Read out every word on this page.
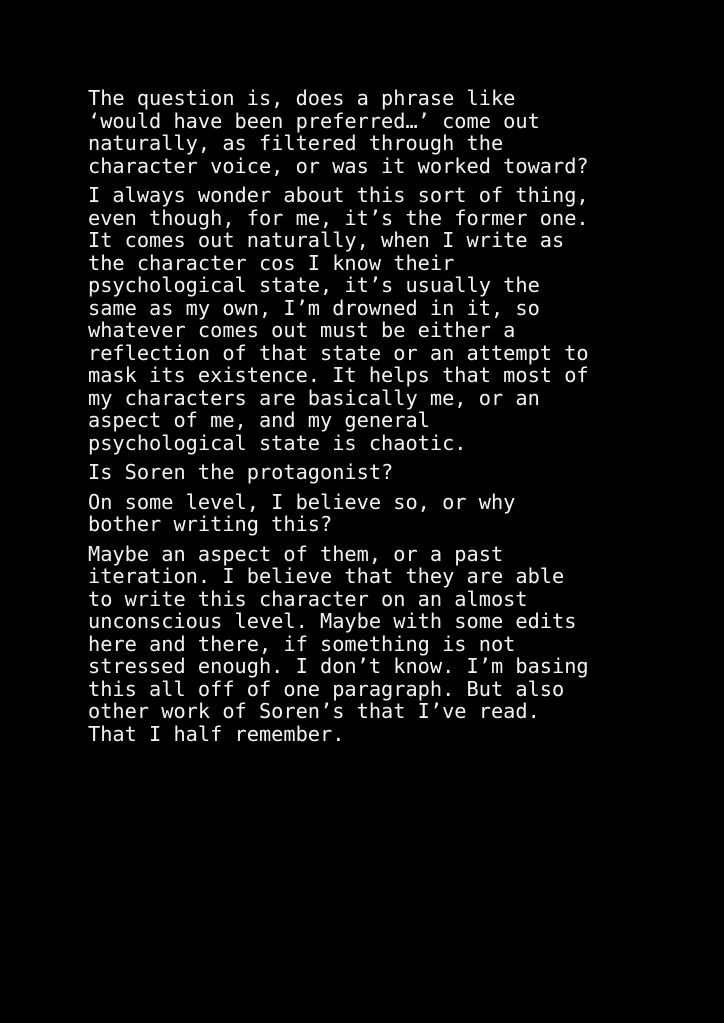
The question is, does a phrase like
‘would have been preferred…’ come out
naturally, as filtered through the
character voice, or was it worked toward?

I always wonder about this sort of thing,
even though, for me, it’s the former one.
It comes out naturally, when I write as
the character cos I know their
psychological state, it’s usually the
same as my own, I’m drowned in it, so
whatever comes out must be either a
reflection of that state or an attempt to
mask its existence. It helps that most of
my characters are basically me, or an
aspect of me, and my general
psychological state is chaotic.

Is Soren the protagonist?

On some level, I believe so, or why
bother writing this?

Maybe an aspect of them, or a past
iteration. I believe that they are able
to write this character on an almost
unconscious level. Maybe with some edits
here and there, if something is not
stressed enough. I don’t know. I’m basing
this all off of one paragraph. But also
other work of Soren’s that I’ve read.
That I half remember.
